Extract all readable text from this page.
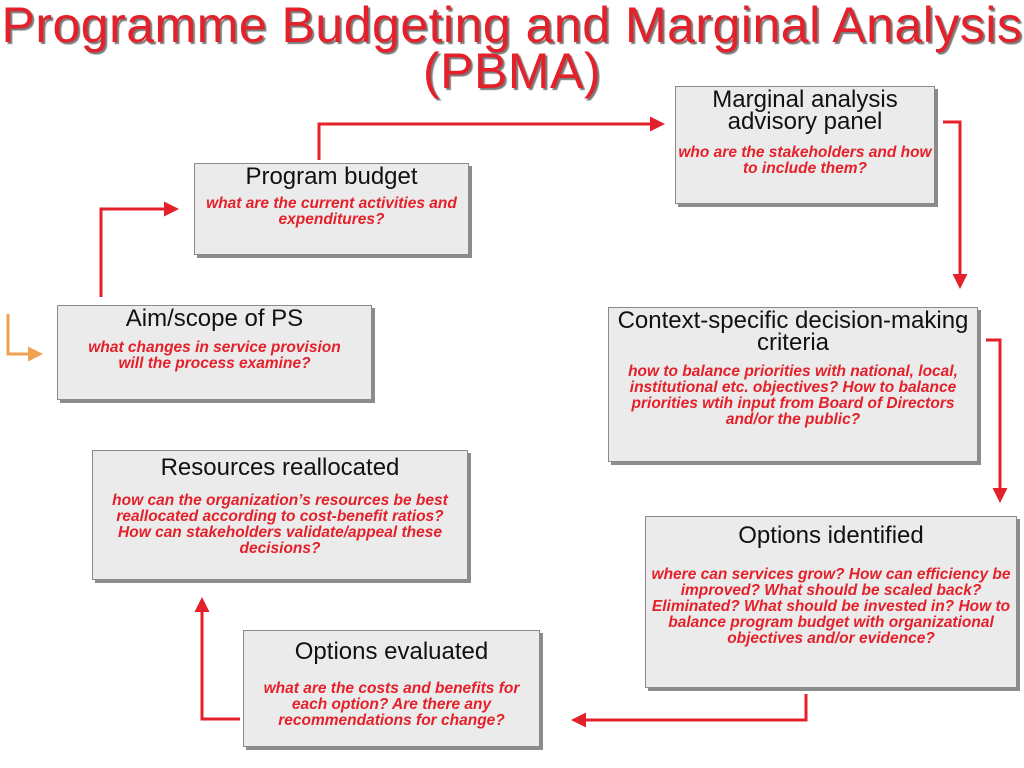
Programme Budgeting and Marginal Analysis (PBMA)
Marginal analysis advisory panel
who are the stakeholders and how to include them?
Program budget
what are the current activities and expenditures?
Aim/scope of PS
what changes in service provision will the process examine?
Context-specific decision-making criteria
how to balance priorities with national, local, institutional etc. objectives? How to balance priorities wtih input from Board of Directors and/or the public?
Resources reallocated
how can the organization’s resources be best reallocated according to cost-benefit ratios? How can stakeholders validate/appeal these decisions?	Options identified
where can services grow? How can efficiency be improved? What should be scaled back? Eliminated? What should be invested in? How to balance program budget with organizational objectives and/or evidence?
Options evaluated
what are the costs and benefits for each option? Are there any recommendations for change?
